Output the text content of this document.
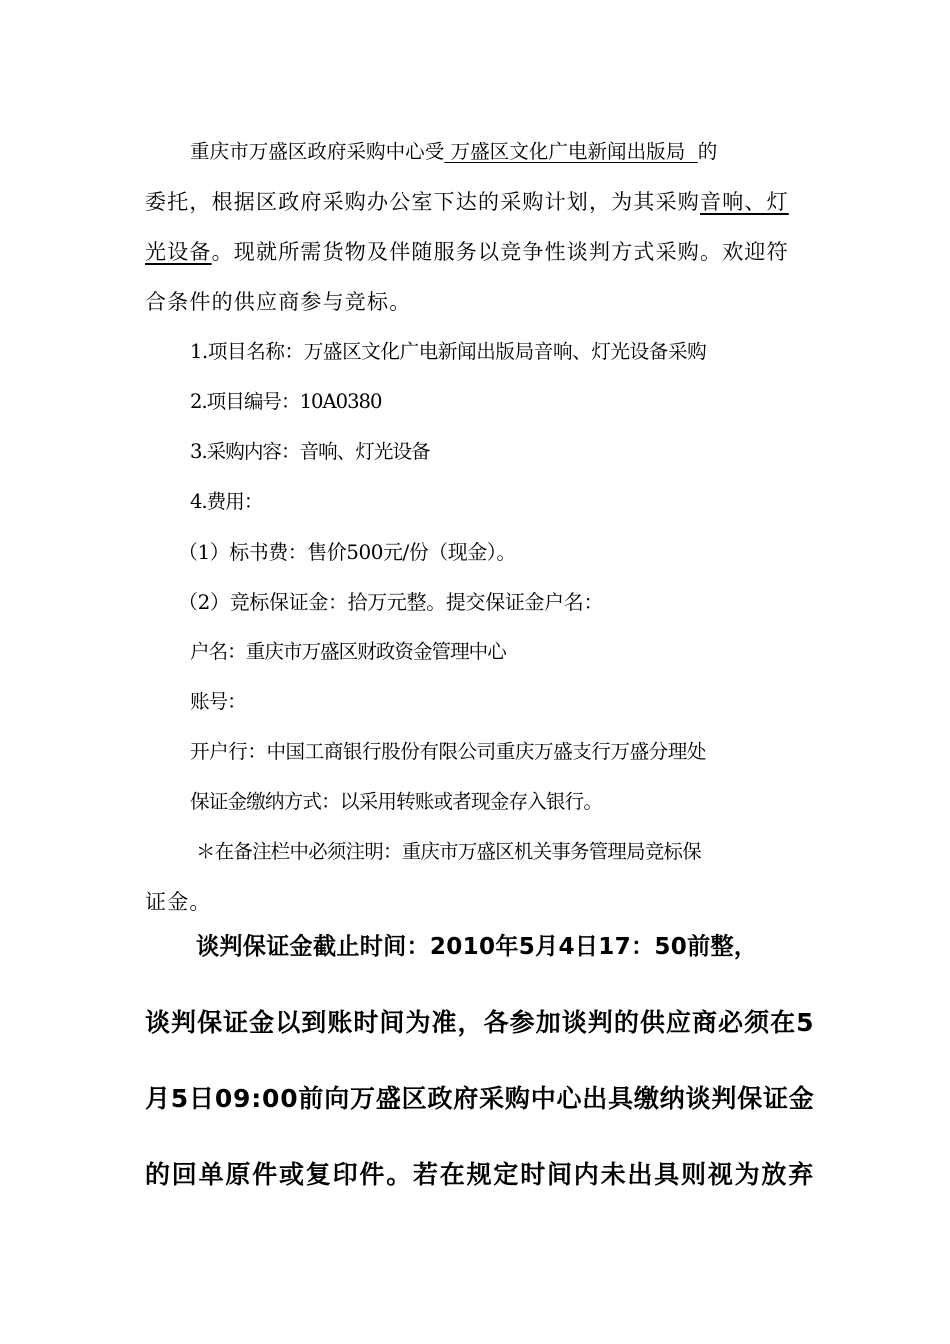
重庆市万盛区政府采购中心受 万盛区文化广电新闻出版局 的
委托，根据区政府采购办公室下达的采购计划，为其采购音响、灯
光设备。现就所需货物及伴随服务以竞争性谈判方式采购。欢迎符
合条件的供应商参与竞标。
1.项目名称：万盛区文化广电新闻出版局音响、灯光设备采购
2.项目编号：10A0380
3.采购内容：音响、灯光设备
4.费用：
（1）标书费：售价500元/份（现金）。
（2）竞标保证金：拾万元整。提交保证金户名：
户名：重庆市万盛区财政资金管理中心
账号：
开户行：中国工商银行股份有限公司重庆万盛支行万盛分理处
保证金缴纳方式：以采用转账或者现金存入银行。
＊在备注栏中必须注明：重庆市万盛区机关事务管理局竞标保
证金。
谈判保证金截止时间：2010年5月4日17：50前整，
谈判保证金以到账时间为准，各参加谈判的供应商必须在5
月5日09:00前向万盛区政府采购中心出具缴纳谈判保证金
的回单原件或复印件。若在规定时间内未出具则视为放弃
